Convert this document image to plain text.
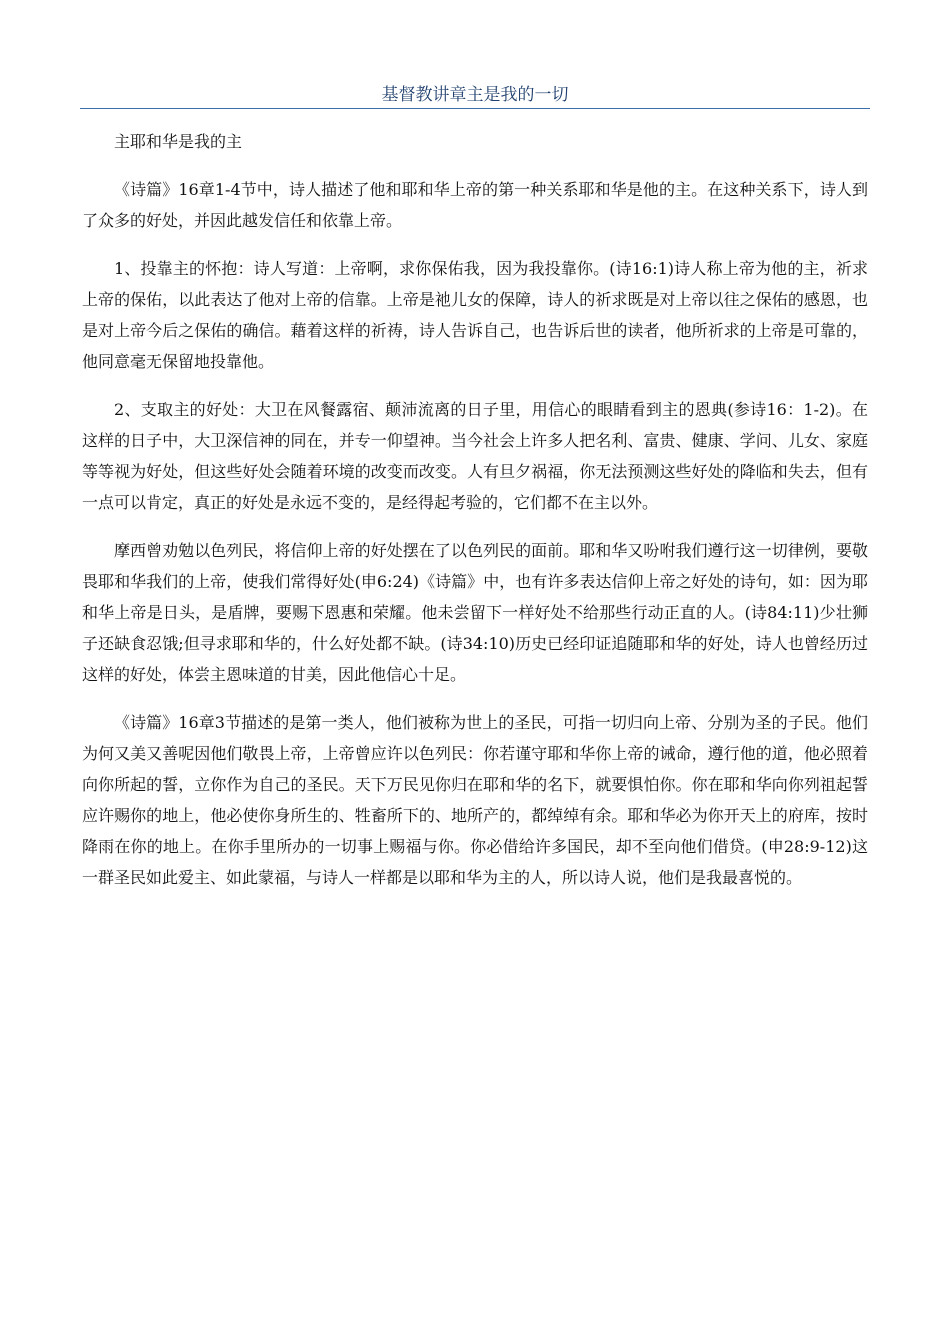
基督教讲章主是我的一切

主耶和华是我的主

《诗篇》16章1-4节中，诗人描述了他和耶和华上帝的第一种关系耶和华是他的主。在这种关系下，诗人到了众多的好处，并因此越发信任和依靠上帝。

1、投靠主的怀抱：诗人写道：上帝啊，求你保佑我，因为我投靠你。(诗16:1)诗人称上帝为他的主，祈求上帝的保佑，以此表达了他对上帝的信靠。上帝是祂儿女的保障，诗人的祈求既是对上帝以往之保佑的感恩，也是对上帝今后之保佑的确信。藉着这样的祈祷，诗人告诉自己，也告诉后世的读者，他所祈求的上帝是可靠的，他同意毫无保留地投靠他。

2、支取主的好处：大卫在风餐露宿、颠沛流离的日子里，用信心的眼睛看到主的恩典(参诗16：1-2)。在这样的日子中，大卫深信神的同在，并专一仰望神。当今社会上许多人把名利、富贵、健康、学问、儿女、家庭等等视为好处，但这些好处会随着环境的改变而改变。人有旦夕祸福，你无法预测这些好处的降临和失去，但有一点可以肯定，真正的好处是永远不变的，是经得起考验的，它们都不在主以外。

摩西曾劝勉以色列民，将信仰上帝的好处摆在了以色列民的面前。耶和华又吩咐我们遵行这一切律例，要敬畏耶和华我们的上帝，使我们常得好处(申6:24)《诗篇》中，也有许多表达信仰上帝之好处的诗句，如：因为耶和华上帝是日头，是盾牌，要赐下恩惠和荣耀。他未尝留下一样好处不给那些行动正直的人。(诗84:11)少壮狮子还缺食忍饿;但寻求耶和华的，什么好处都不缺。(诗34:10)历史已经印证追随耶和华的好处，诗人也曾经历过这样的好处，体尝主恩味道的甘美，因此他信心十足。

《诗篇》16章3节描述的是第一类人，他们被称为世上的圣民，可指一切归向上帝、分别为圣的子民。他们为何又美又善呢因他们敬畏上帝，上帝曾应许以色列民：你若谨守耶和华你上帝的诫命，遵行他的道，他必照着向你所起的誓，立你作为自己的圣民。天下万民见你归在耶和华的名下，就要惧怕你。你在耶和华向你列祖起誓应许赐你的地上，他必使你身所生的、牲畜所下的、地所产的，都绰绰有余。耶和华必为你开天上的府库，按时降雨在你的地上。在你手里所办的一切事上赐福与你。你必借给许多国民，却不至向他们借贷。(申28:9-12)这一群圣民如此爱主、如此蒙福，与诗人一样都是以耶和华为主的人，所以诗人说，他们是我最喜悦的。
